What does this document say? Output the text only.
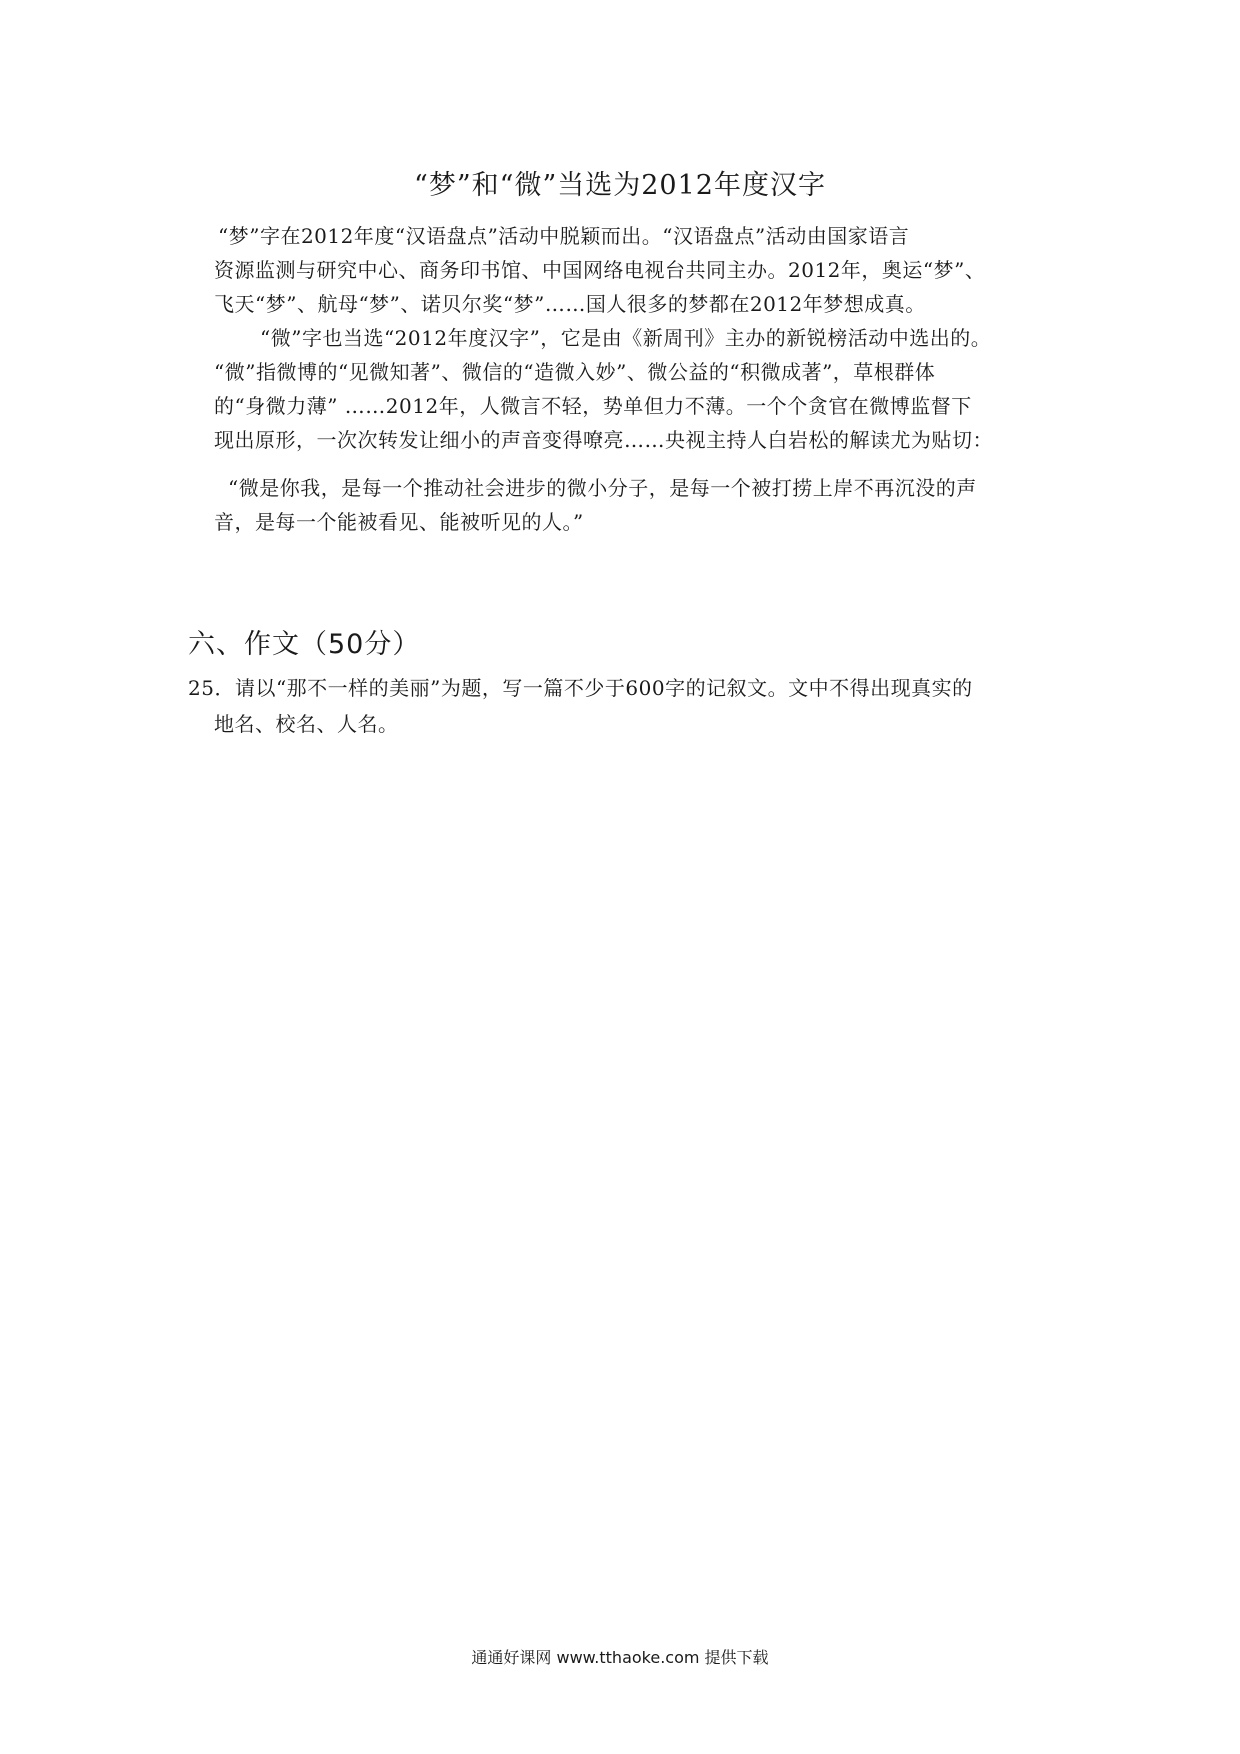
“梦”和“微”当选为2012年度汉字
“梦”字在2012年度“汉语盘点”活动中脱颖而出。“汉语盘点”活动由国家语言
资源监测与研究中心、商务印书馆、中国网络电视台共同主办。2012年，奥运“梦”、
飞天“梦”、航母“梦”、诺贝尔奖“梦”……国人很多的梦都在2012年梦想成真。
“微”字也当选“2012年度汉字”，它是由《新周刊》主办的新锐榜活动中选出的。
“微”指微博的“见微知著”、微信的“造微入妙”、微公益的“积微成著”，草根群体
的“身微力薄” ……2012年，人微言不轻，势单但力不薄。一个个贪官在微博监督下
现出原形，一次次转发让细小的声音变得嘹亮……央视主持人白岩松的解读尤为贴切：
“微是你我，是每一个推动社会进步的微小分子，是每一个被打捞上岸不再沉没的声
音，是每一个能被看见、能被听见的人。”
六、作文（50分）
25．请以“那不一样的美丽”为题，写一篇不少于600字的记叙文。文中不得出现真实的
地名、校名、人名。
通通好课网 www.tthaoke.com 提供下载
